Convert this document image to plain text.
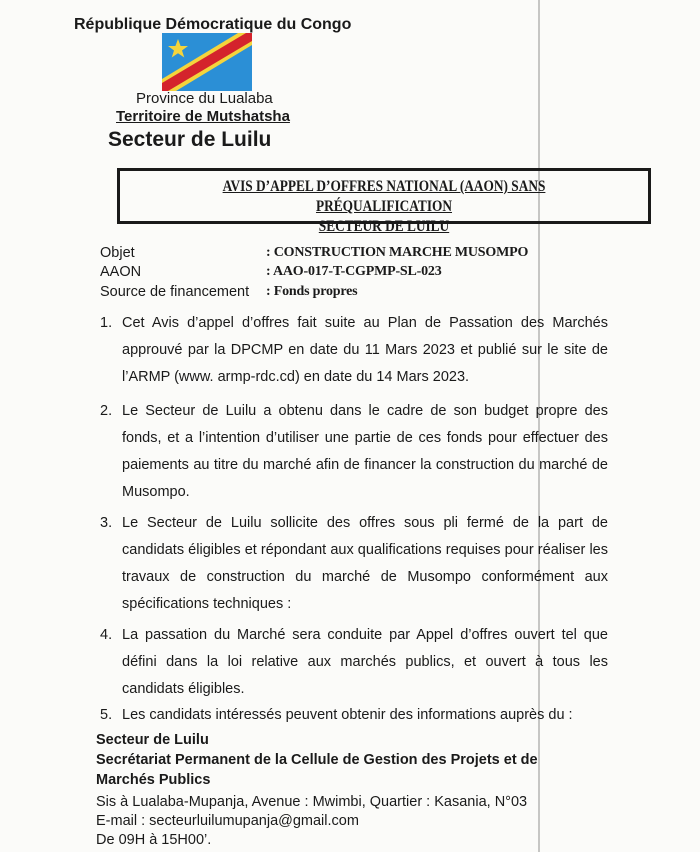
République Démocratique du Congo
Province du Lualaba
Territoire de Mutshatsha
Secteur de Luilu
AVIS D’APPEL D’OFFRES NATIONAL (AAON) SANS PRÉQUALIFICATION
SECTEUR DE LUILU
Objet	: CONSTRUCTION MARCHE MUSOMPO
AAON	: AAO-017-T-CGPMP-SL-023
Source de financement : Fonds propres
1. Cet Avis d’appel d’offres fait suite au Plan de Passation des Marchés approuvé par la DPCMP en date du 11 Mars 2023 et publié sur le site de l’ARMP (www. armp-rdc.cd) en date du 14 Mars 2023.
2. Le Secteur de Luilu a obtenu dans le cadre de son budget propre des fonds, et a l’intention d’utiliser une partie de ces fonds pour effectuer des paiements au titre du marché afin de financer la construction du marché de Musompo.
3. Le Secteur de Luilu sollicite des offres sous pli fermé de la part de candidats éligibles et répondant aux qualifications requises pour réaliser les travaux de construction du marché de Musompo conformément aux spécifications techniques :
4. La passation du Marché sera conduite par Appel d’offres ouvert tel que défini dans la loi relative aux marchés publics, et ouvert à tous les candidats éligibles.
5. Les candidats intéressés peuvent obtenir des informations auprès du :
Secteur de Luilu
Secrétariat Permanent de la Cellule de Gestion des Projets et de
Marchés Publics
Sis à Lualaba-Mupanja, Avenue : Mwimbi, Quartier : Kasania, N°03
E-mail : secteurluilumupanja@gmail.com
De 09H à 15H00’.
